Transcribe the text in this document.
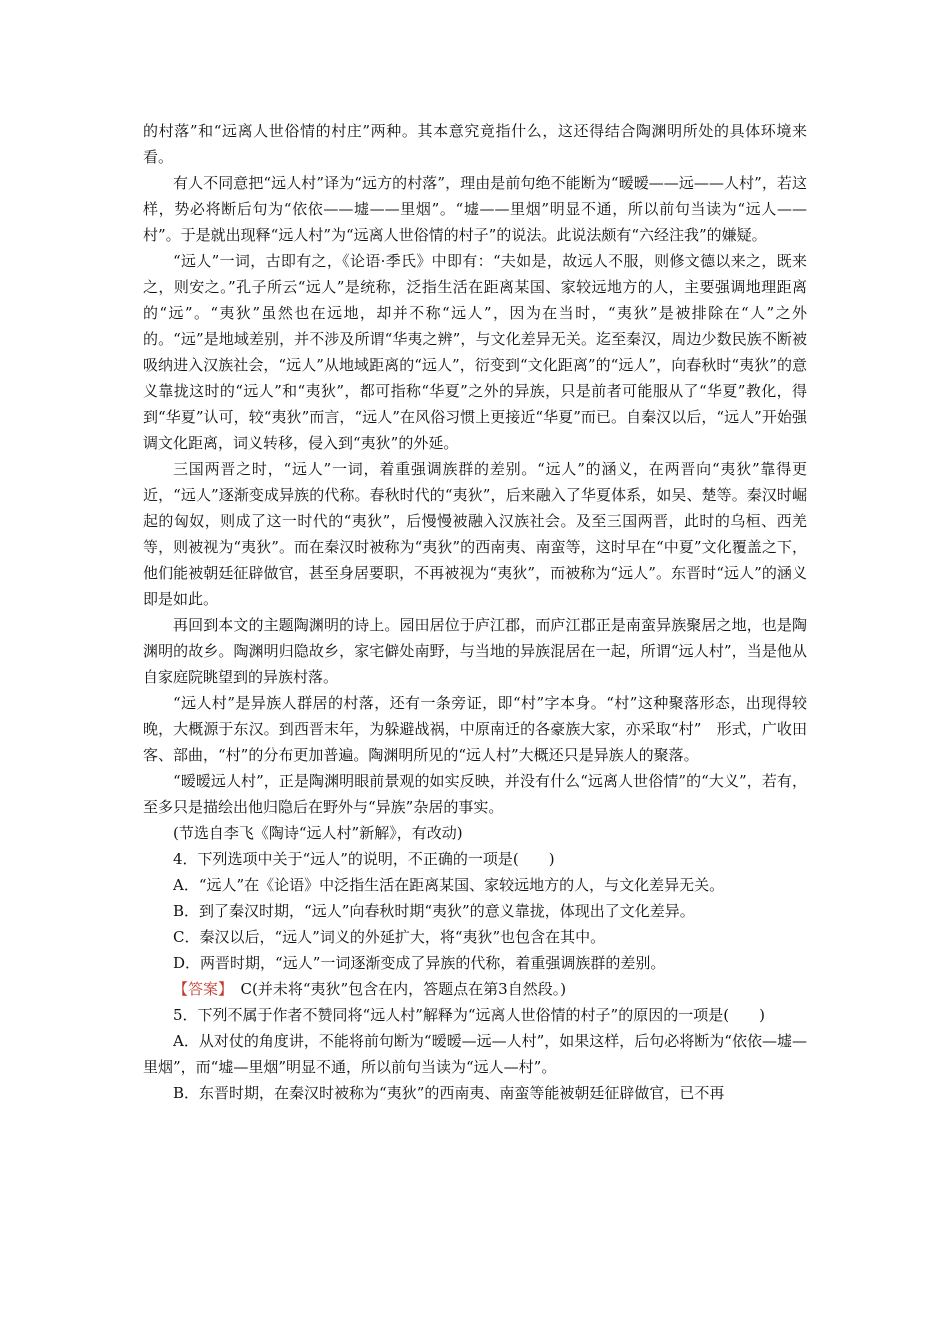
的村落”和“远离人世俗情的村庄”两种。其本意究竟指什么，这还得结合陶渊明所处的具体环境来看。

有人不同意把“远人村”译为“远方的村落”，理由是前句绝不能断为“暧暧——远——人村”，若这样，势必将断后句为“依依——墟——里烟”。“墟——里烟”明显不通，所以前句当读为“远人——村”。于是就出现释“远人村”为“远离人世俗情的村子”的说法。此说法颇有“六经注我”的嫌疑。

“远人”一词，古即有之，《论语·季氏》中即有：“夫如是，故远人不服，则修文德以来之，既来之，则安之。”孔子所云“远人”是统称，泛指生活在距离某国、家较远地方的人，主要强调地理距离的“远”。“夷狄”虽然也在远地，却并不称“远人”，因为在当时，“夷狄”是被排除在“人”之外的。“远”是地域差别，并不涉及所谓“华夷之辨”，与文化差异无关。迄至秦汉，周边少数民族不断被吸纳进入汉族社会，“远人”从地域距离的“远人”，衍变到“文化距离”的“远人”，向春秋时“夷狄”的意义靠拢这时的“远人”和“夷狄”，都可指称“华夏”之外的异族，只是前者可能服从了“华夏”教化，得到“华夏”认可，较“夷狄”而言，“远人”在风俗习惯上更接近“华夏”而已。自秦汉以后，“远人”开始强调文化距离，词义转移，侵入到“夷狄”的外延。

三国两晋之时，“远人”一词，着重强调族群的差别。“远人”的涵义，在两晋向“夷狄”靠得更近，“远人”逐渐变成异族的代称。春秋时代的“夷狄”，后来融入了华夏体系，如吴、楚等。秦汉时崛起的匈奴，则成了这一时代的“夷狄”，后慢慢被融入汉族社会。及至三国两晋，此时的乌桓、西羌等，则被视为“夷狄”。而在秦汉时被称为“夷狄”的西南夷、南蛮等，这时早在“中夏”文化覆盖之下，他们能被朝廷征辟做官，甚至身居要职，不再被视为“夷狄”，而被称为“远人”。东晋时“远人”的涵义即是如此。

再回到本文的主题陶渊明的诗上。园田居位于庐江郡，而庐江郡正是南蛮异族聚居之地，也是陶渊明的故乡。陶渊明归隐故乡，家宅僻处南野，与当地的异族混居在一起，所谓“远人村”，当是他从自家庭院眺望到的异族村落。

“远人村”是异族人群居的村落，还有一条旁证，即“村”字本身。“村”这种聚落形态，出现得较晚，大概源于东汉。到西晋末年，为躲避战祸，中原南迁的各豪族大家，亦采取“村”　形式，广收田客、部曲，“村”的分布更加普遍。陶渊明所见的“远人村”大概还只是异族人的聚落。

“暧暧远人村”，正是陶渊明眼前景观的如实反映，并没有什么“远离人世俗情”的“大义”，若有，至多只是描绘出他归隐后在野外与“异族”杂居的事实。

(节选自李飞《陶诗“远人村”新解》，有改动)

4．下列选项中关于“远人”的说明，不正确的一项是(　　)

A．“远人”在《论语》中泛指生活在距离某国、家较远地方的人，与文化差异无关。

B．到了秦汉时期，“远人”向春秋时期“夷狄”的意义靠拢，体现出了文化差异。

C．秦汉以后，“远人”词义的外延扩大，将“夷狄”也包含在其中。

D．两晋时期，“远人”一词逐渐变成了异族的代称，着重强调族群的差别。

【答案】　C(并未将“夷狄”包含在内，答题点在第3自然段。)

5．下列不属于作者不赞同将“远人村”解释为“远离人世俗情的村子”的原因的一项是(　　)

A．从对仗的角度讲，不能将前句断为“暧暧—远—人村”，如果这样，后句必将断为“依依—墟—里烟”，而“墟—里烟”明显不通，所以前句当读为“远人—村”。

B．东晋时期，在秦汉时被称为“夷狄”的西南夷、南蛮等能被朝廷征辟做官，已不再
